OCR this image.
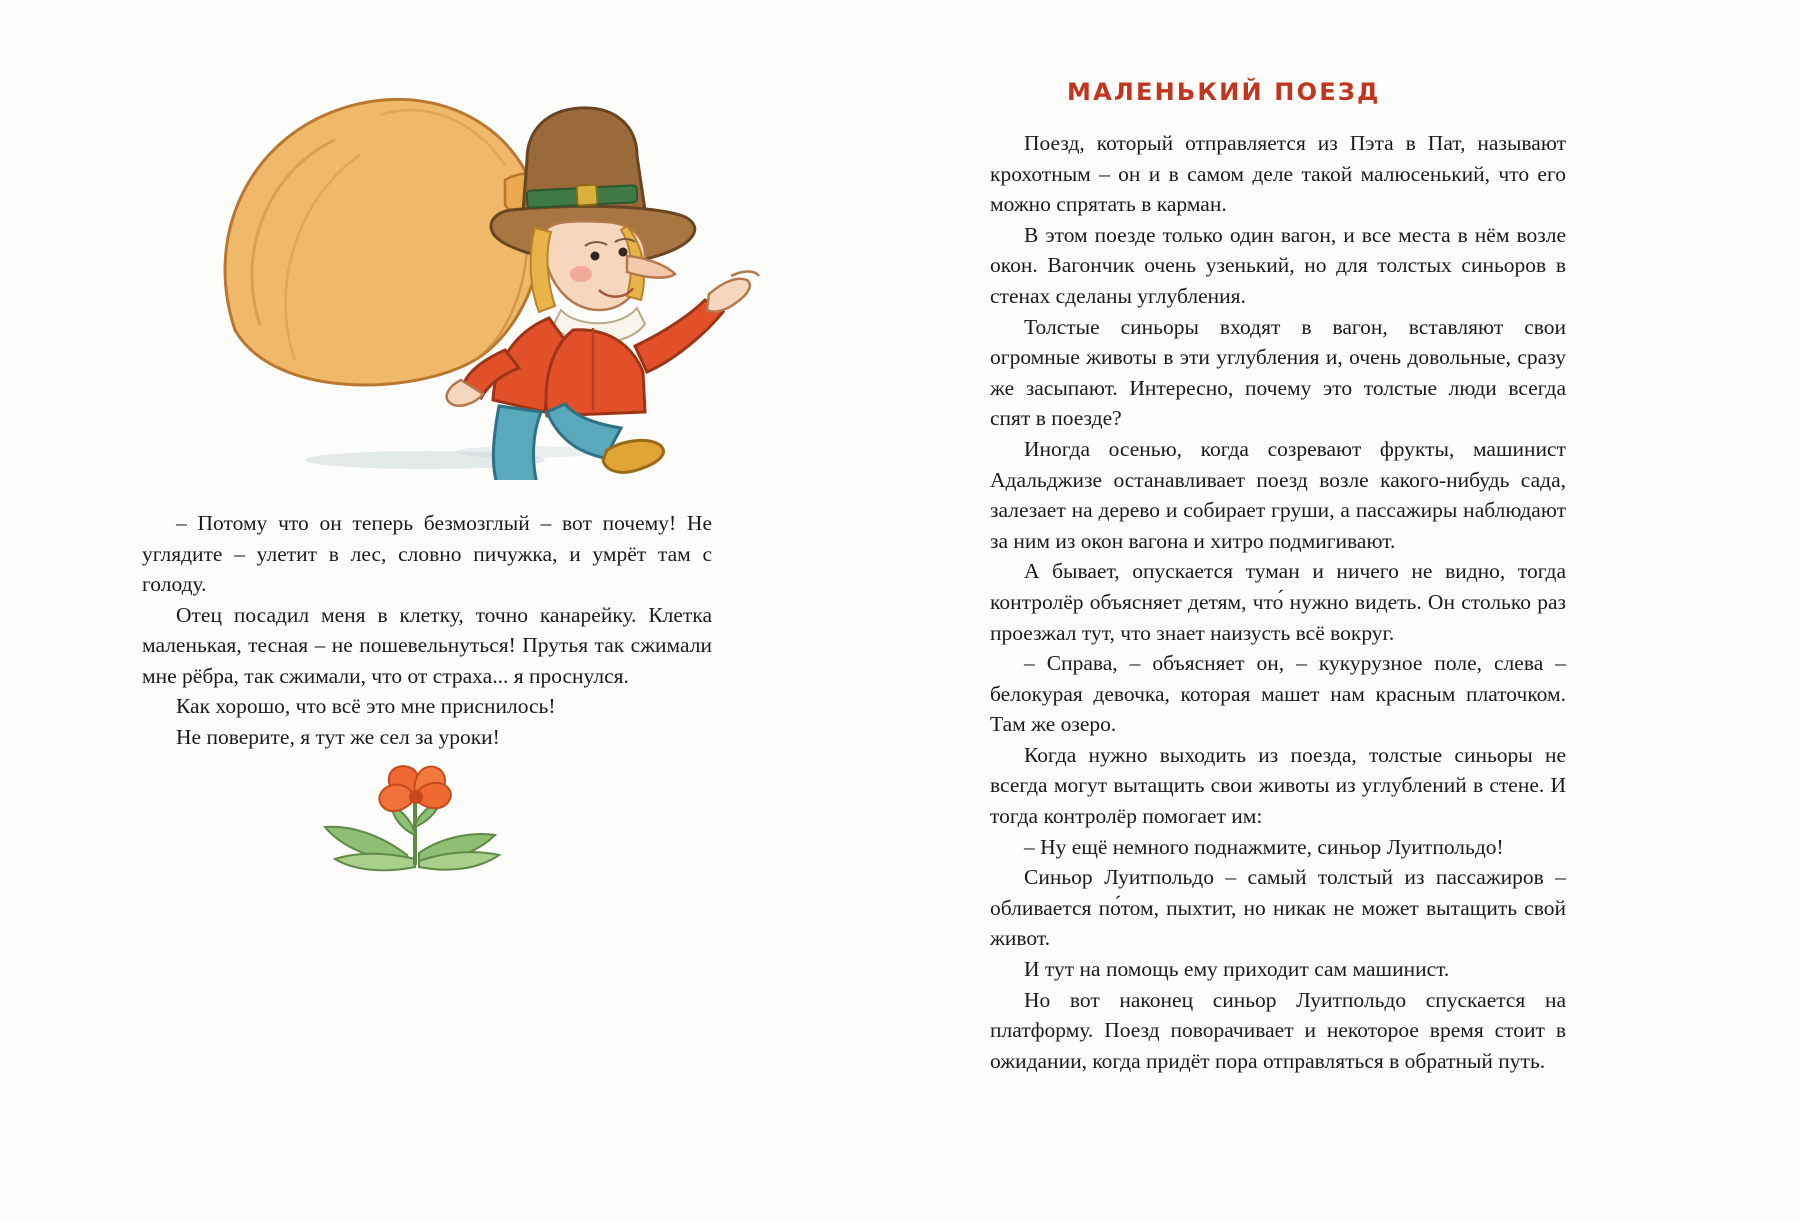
– Потому что он теперь безмозглый – вот почему! Не углядите – улетит в лес, словно пичужка, и умрёт там с голоду.

Отец посадил меня в клетку, точно канарейку. Клетка маленькая, тесная – не пошевельнуться! Прутья так сжимали мне рёбра, так сжимали, что от страха... я проснулся.

Как хорошо, что всё это мне приснилось!

Не поверите, я тут же сел за уроки!

МАЛЕНЬКИЙ ПОЕЗД

Поезд, который отправляется из Пэта в Пат, называют крохотным – он и в самом деле такой малюсенький, что его можно спрятать в карман.

В этом поезде только один вагон, и все места в нём возле окон. Вагончик очень узенький, но для толстых синьоров в стенах сделаны углубления.

Толстые синьоры входят в вагон, вставляют свои огромные животы в эти углубления и, очень довольные, сразу же засыпают. Интересно, почему это толстые люди всегда спят в поезде?

Иногда осенью, когда созревают фрукты, машинист Адальджизе останавливает поезд возле какого-нибудь сада, залезает на дерево и собирает груши, а пассажиры наблюдают за ним из окон вагона и хитро подмигивают.

А бывает, опускается туман и ничего не видно, тогда контролёр объясняет детям, что́ нужно видеть. Он столько раз проезжал тут, что знает наизусть всё вокруг.

– Справа, – объясняет он, – кукурузное поле, слева – белокурая девочка, которая машет нам красным платочком. Там же озеро.

Когда нужно выходить из поезда, толстые синьоры не всегда могут вытащить свои животы из углублений в стене. И тогда контролёр помогает им:

– Ну ещё немного поднажмите, синьор Луитпольдо!

Синьор Луитпольдо – самый толстый из пассажиров – обливается по́том, пыхтит, но никак не может вытащить свой живот.

И тут на помощь ему приходит сам машинист.

Но вот наконец синьор Луитпольдо спускается на платформу. Поезд поворачивает и некоторое время стоит в ожидании, когда придёт пора отправляться в обратный путь.
